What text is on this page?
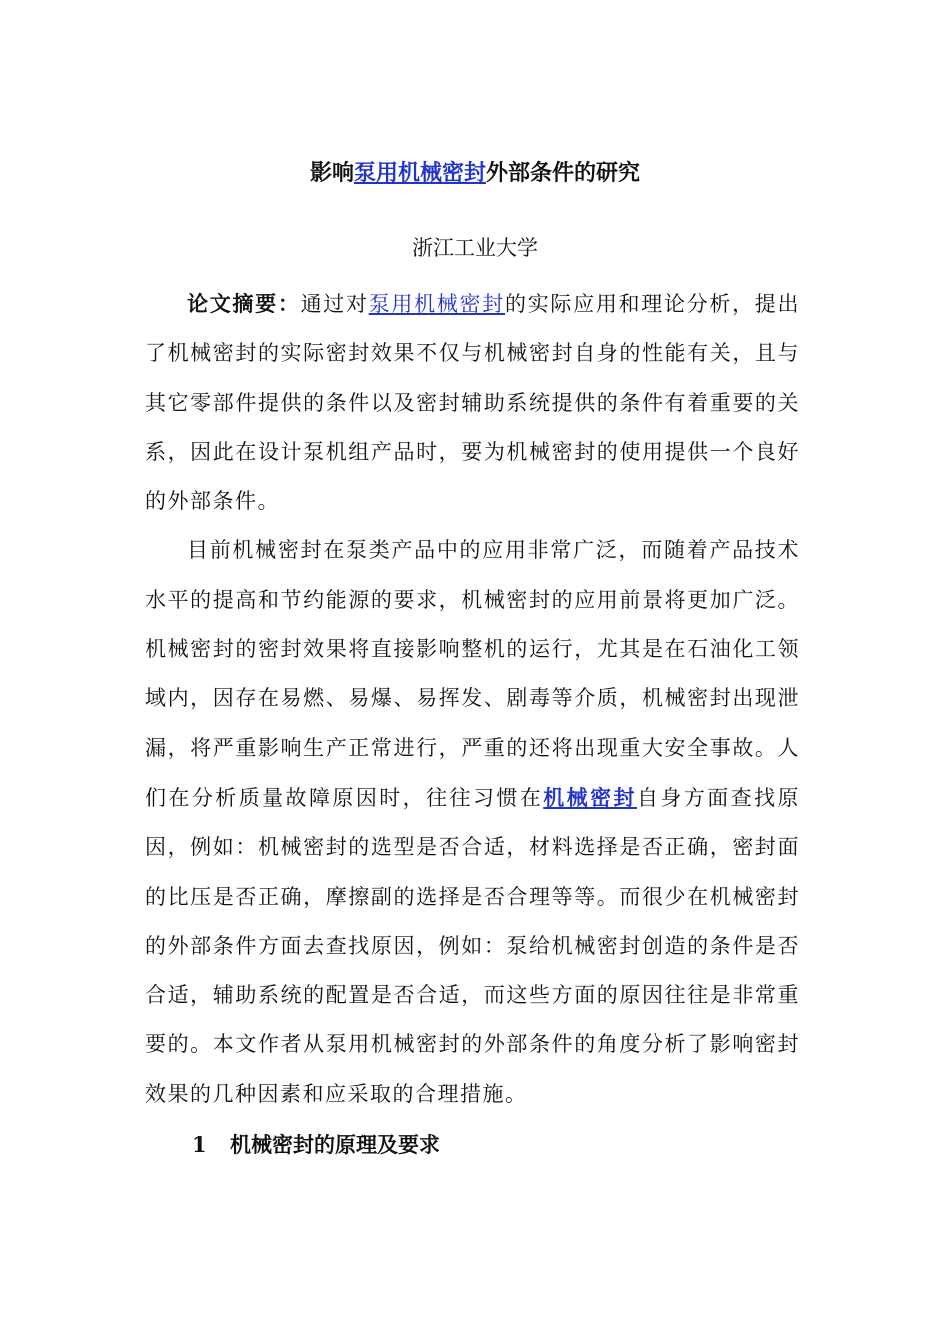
影响泵用机械密封外部条件的研究
浙江工业大学

论文摘要：通过对泵用机械密封的实际应用和理论分析，提出了机械密封的实际密封效果不仅与机械密封自身的性能有关，且与其它零部件提供的条件以及密封辅助系统提供的条件有着重要的关系，因此在设计泵机组产品时，要为机械密封的使用提供一个良好的外部条件。

目前机械密封在泵类产品中的应用非常广泛，而随着产品技术水平的提高和节约能源的要求，机械密封的应用前景将更加广泛。机械密封的密封效果将直接影响整机的运行，尤其是在石油化工领域内，因存在易燃、易爆、易挥发、剧毒等介质，机械密封出现泄漏，将严重影响生产正常进行，严重的还将出现重大安全事故。人们在分析质量故障原因时，往往习惯在机械密封自身方面查找原因，例如：机械密封的选型是否合适，材料选择是否正确，密封面的比压是否正确，摩擦副的选择是否合理等等。而很少在机械密封的外部条件方面去查找原因，例如：泵给机械密封创造的条件是否合适，辅助系统的配置是否合适，而这些方面的原因往往是非常重要的。本文作者从泵用机械密封的外部条件的角度分析了影响密封效果的几种因素和应采取的合理措施。

1 机械密封的原理及要求
